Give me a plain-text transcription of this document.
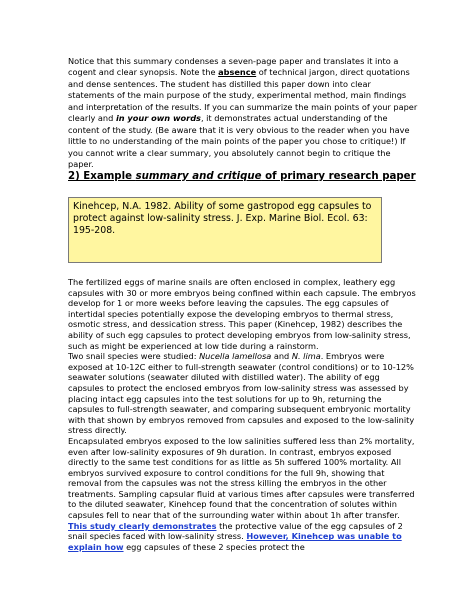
Notice that this summary condenses a seven-page paper and translates it into a cogent and clear synopsis. Note the absence of technical jargon, direct quotations and dense sentences. The student has distilled this paper down into clear statements of the main purpose of the study, experimental method, main findings and interpretation of the results. If you can summarize the main points of your paper clearly and in your own words, it demonstrates actual understanding of the content of the study. (Be aware that it is very obvious to the reader when you have little to no understanding of the main points of the paper you chose to critique!) If you cannot write a clear summary, you absolutely cannot begin to critique the paper.

2) Example summary and critique of primary research paper
Kinehcep, N.A. 1982. Ability of some gastropod egg capsules to protect against low-salinity stress. J. Exp. Marine Biol. Ecol. 63: 195-208.

The fertilized eggs of marine snails are often enclosed in complex, leathery egg capsules with 30 or more embryos being confined within each capsule. The embryos develop for 1 or more weeks before leaving the capsules. The egg capsules of intertidal species potentially expose the developing embryos to thermal stress, osmotic stress, and dessication stress. This paper (Kinehcep, 1982) describes the ability of such egg capsules to protect developing embryos from low-salinity stress, such as might be experienced at low tide during a rainstorm.

Two snail species were studied: Nucella lamellosa and N. lima. Embryos were exposed at 10-12C either to full-strength seawater (control conditions) or to 10-12% seawater solutions (seawater diluted with distilled water). The ability of egg capsules to protect the enclosed embryos from low-salinity stress was assessed by placing intact egg capsules into the test solutions for up to 9h, returning the capsules to full-strength seawater, and comparing subsequent embryonic mortality with that shown by embryos removed from capsules and exposed to the low-salinity stress directly.

Encapsulated embryos exposed to the low salinities suffered less than 2% mortality, even after low-salinity exposures of 9h duration. In contrast, embryos exposed directly to the same test conditions for as little as 5h suffered 100% mortality. All embryos survived exposure to control conditions for the full 9h, showing that removal from the capsules was not the stress killing the embryos in the other treatments. Sampling capsular fluid at various times after capsules were transferred to the diluted seawater, Kinehcep found that the concentration of solutes within capsules fell to near that of the surrounding water within about 1h after transfer.

This study clearly demonstrates the protective value of the egg capsules of 2 snail species faced with low-salinity stress. However, Kinehcep was unable to explain how egg capsules of these 2 species protect the
